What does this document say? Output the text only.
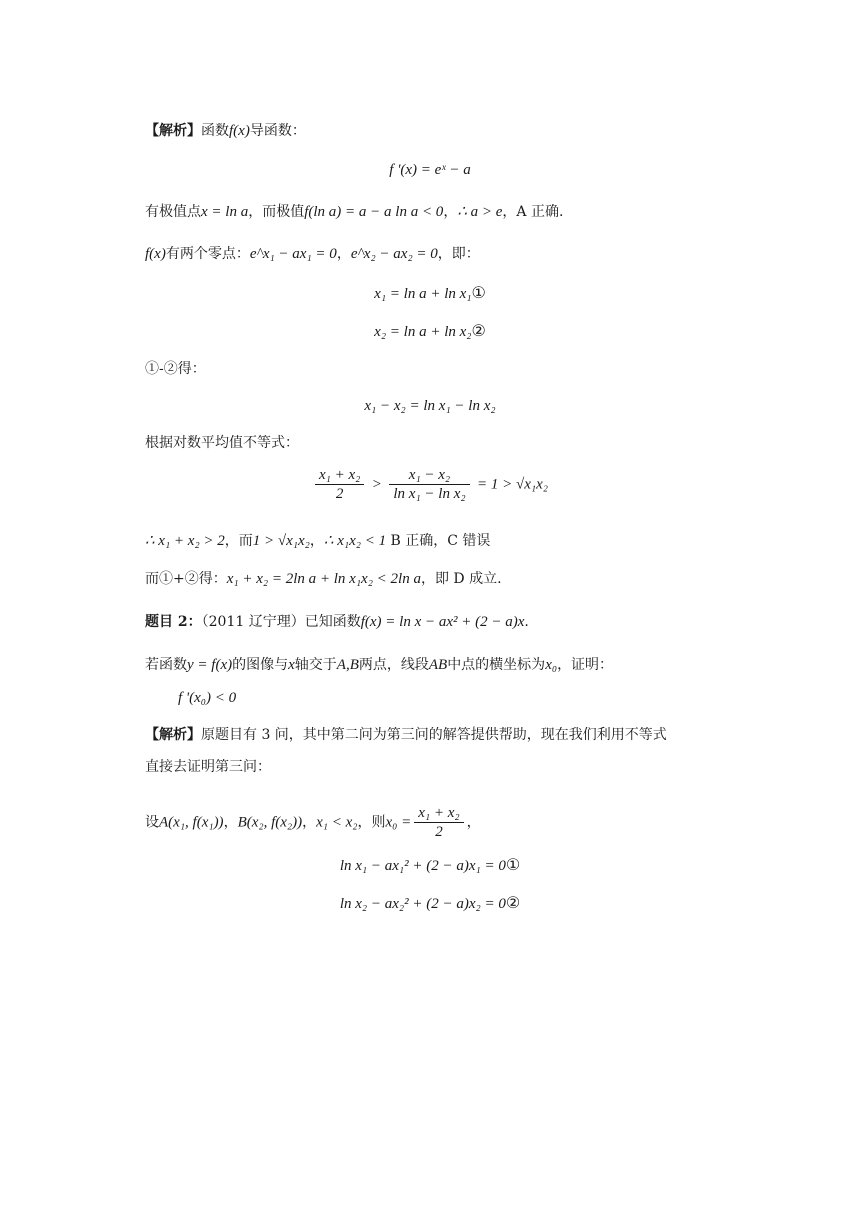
【解析】函数f(x)导函数：
f '(x) = eˣ − a
有极值点x = ln a，而极值f(ln a) = a − a ln a < 0，∴ a > e，A 正确.
f(x)有两个零点：e^x₁ − ax₁ = 0，e^x₂ − ax₂ = 0，即：
x₁ = ln a + ln x₁①
x₂ = ln a + ln x₂②
①-②得：
x₁ − x₂ = ln x₁ − ln x₂
根据对数平均值不等式：
$\frac{\text{x₁ + x₂}}{2} > \frac{\text{x₁ − x₂}}{\text{ln x₁ − ln x₂}} = 1 > √x_1x_2$
∴ x₁ + x₂ > 2，而1 > √x₁x₂，∴ x₁x₂ < 1 B 正确，C 错误
而①+②得：x₁ + x₂ = 2ln a + ln x₁x₂ < 2ln a，即 D 成立.
题目 2：（2011 辽宁理）已知函数f(x) = ln x − ax² + (2 − a)x.
若函数y = f(x)的图像与x轴交于A,B两点，线段AB中点的横坐标为x₀，证明：
f '(x₀) < 0
【解析】原题目有 3 问，其中第二问为第三问的解答提供帮助，现在我们利用不等式
直接去证明第三问：
设A(x₁, f(x₁))，B(x₂, f(x₂))，x₁ < x₂，则$x_0 = \frac{\text{x₁ + x₂}}{2}$ ，
ln x₁ − ax₁² + (2 − a)x₁ = 0①
ln x₂ − ax₂² + (2 − a)x₂ = 0②
